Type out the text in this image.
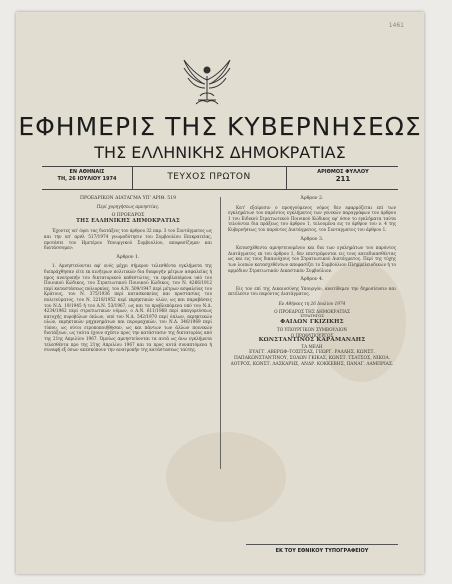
1461
ΕΦΗΜΕΡΙΣ ΤΗΣ ΚΥΒΕΡΝΗΣΕΩΣ
ΤΗΣ ΕΛΛΗΝΙΚΗΣ ΔΗΜΟΚΡΑΤΙΑΣ
ΕΝ ΑΘΗΝΑΙΣ
ΤΗ, 26 ΙΟΥΛΙΟΥ 1974	ΤΕΥΧΟΣ ΠΡΩΤΟΝ	ΑΡΙΘΜΟΣ ΦΥΛΛΟΥ
211
ΠΡΟΕΔΡΙΚΟΝ ΔΙΑΤΑΓΜΑ ΥΠ' ΑΡΙΘ. 519
Περί χορηγήσεως αμνηστίας.
Ο ΠΡΟΕΔΡΟΣ
ΤΗΣ ΕΛΛΗΝΙΚΗΣ ΔΗΜΟΚΡΑΤΙΑΣ
Έχοντες υπ' όψει τας διατάξεις του άρθρου 32 παρ. 3 του Συντάγματος ως και την υπ' αριθ. 517/1974 γνωμοδότησιν του Συμβουλίου Επικρατείας, προτάσει του Ημετέρου Υπουργικού Συμβουλίου, αποφασίζομεν και διατάσσομεν:
Άρθρον 1.
1. Αμνηστεύονται αφ' ενός μέχρι σήμερον τελεσθέντα εγκλήματα της διεπράχθησαν είτε εκ κινήτρων πολιτικών δια διαφυγήν μέτρων ασφαλείας ή προς ανατροπήν του δικτατορικού καθεστώτος, τα προβλεπόμενα υπό του Ποινικού Κώδικος, του Στρατιωτικού Ποινικού Κώδικος, του Ν. 4266/1912 περί καταστάσεως πολιορκίας, του Α.Ν. 509/1947 περί μέτρων ασφαλείας του Κράτους, του Ν. 375/1936 περί κατασκοπείας και προστασίας του πολιτεύματος, του Ν. 2218/1952 περί εκρηκτικών υλών, ως και παραβάσεις του Ν.Δ. 19/1945 ή του Α.Ν. 53/1967, ως και τα προβλεπόμενα υπό του Ν.Δ. 4234/1962 περί στρατιωτικών νόμων, ο Α.Ν. 611/1968 περί απαγορεύσεως κατοχής πυροβόλων όπλων, υπό του Ν.Δ. 542/1970 περί όπλων, εκρηκτικών υλών, εκρηκτικών μηχανημάτων και πυρομαχικών, του Ν.Δ. 346/1969 περί τύπου, ως ούτοι ετροποποιήθησαν, ως και πάντων των άλλων ποινικών διατάξεων, ως ταύτα έχουν σχέσιν προς την κατάστασιν της δικτατορίας από της 21ης Απριλίου 1967. Όμοίως αμνηστεύονται τα αυτά ως άνω εγκλήματα τελεσθέντα προ της 21ης Απριλίου 1967 και τα προς αυτά συναπτόμενα ή συναφή εξ όσων απεσκόπουν την ανατροπήν της κατάστασεως ταύτης.
Άρθρον 2.
Κατ' εξαίρεσιν ο προηγούμενος νόμος δεν εφαρμόζεται επί των εγκλημάτων του παρόντος εγκλήματος των γενικών παραγράφων του άρθρου 1 του Ειδικού Στρατιωτικού Ποινικού Κώδικος εφ' όσον το εγκλήματα ταύτα τελούνται δια πράξεως του άρθρου 1, τελουμένα εις το άρθρον του ν. 4 της Κυβερνήσεως του παρόντος Διατάγματος, του Συνταγματος του άρθρου 1.
Άρθρον 3.
Κατασχέθεντα αμνηστευομένου και δια των εγκλημάτων του παρόντος Διατάγματος εκ του άρθρου 1, δεν επιστρέφονται εις τους καταδικασθέντας ως και εις τους δικαιούχους του Στρατιωτικού Διατάγματος. Περί της τύχης των λοιπών κατασχεθέντων αποφασίζει το Συμβούλιον Πλημμελειοδικών ή το αρμόδιον Στρατιωτικόν Δικαστικόν Συμβούλιον.
Άρθρον 4.
Εις τον επί της Δικαιοσύνης Υπουργόν, ανατίθεμεν την δημοσίευσιν και εκτέλεσιν του παρόντος Διατάγματος.
Εν Αθήναις τη 26 Ιουλίου 1974
Ο ΠΡΟΕΔΡΟΣ ΤΗΣ ΔΗΜΟΚΡΑΤΙΑΣ
ΣΤΡΑΤΗΓΟΣ
ΦΑΙΔΩΝ ΓΚΙΖΙΚΗΣ
ΤΟ ΥΠΟΥΡΓΙΚΟΝ ΣΥΜΒΟΥΛΙΟΝ
Ο ΠΡΩΘΥΠΟΥΡΓΟΣ
ΚΩΝΣΤΑΝΤΙΝΟΣ ΚΑΡΑΜΑΝΛΗΣ
ΤΑ ΜΕΛΗ
ΕΥΑΓΓ. ΑΒΕΡΩΦ–ΤΟΣΙΤΣΑΣ, ΓΕΩΡΓ. ΡΑΛΛΗΣ, ΚΩΝΣΤ. ΠΑΠΑΚΩΝΣΤΑΝΤΙΝΟΥ, ΣΟΛΩΝ ΓΚΙΚΑΣ, ΚΩΝΣΤ. ΤΣΑΤΣΟΣ, ΝΙΚΟΛ. ΔΟΤΡΟΣ, ΚΩΝΣΤ. ΛΑΣΚΑΡΗΣ, ΑΝΔΡ. ΚΟΚΚΕΒΗΣ, ΠΑΝΑΓ. ΛΑΜΠΡΙΑΣ.
ΕΚ ΤΟΥ ΕΘΝΙΚΟΥ ΤΥΠΟΓΡΑΦΕΙΟΥ
